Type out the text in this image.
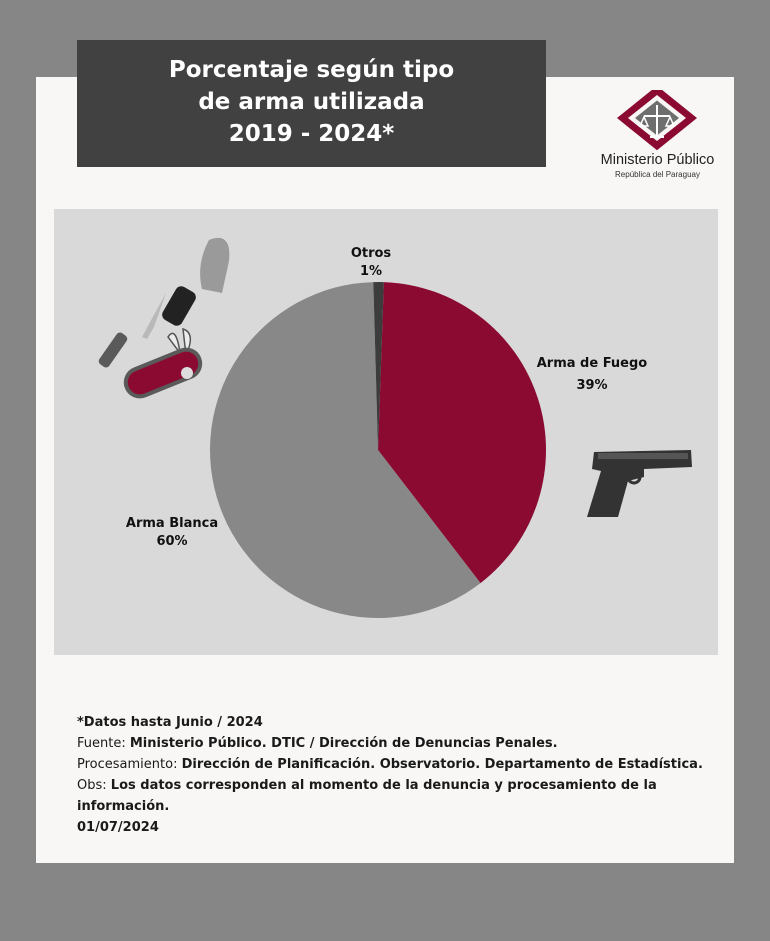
Porcentaje según tipo
de arma utilizada
2019 - 2024*
Ministerio Público
República del Paraguay
Otros
1%
Arma de Fuego
39%
Arma Blanca
60%
*Datos hasta Junio / 2024
Fuente: Ministerio Público. DTIC / Dirección de Denuncias Penales.
Procesamiento: Dirección de Planificación. Observatorio. Departamento de Estadística.
Obs: Los datos corresponden al momento de la denuncia y procesamiento de la información.
01/07/2024
